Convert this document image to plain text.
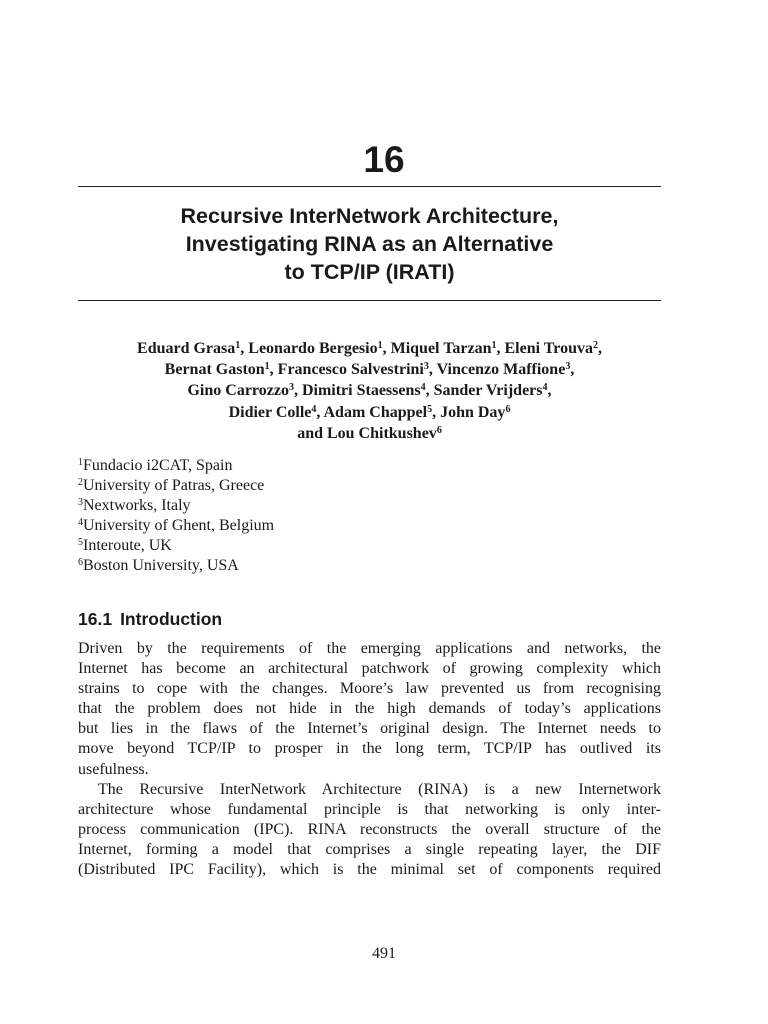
16
Recursive InterNetwork Architecture,
Investigating RINA as an Alternative
to TCP/IP (IRATI)
Eduard Grasa$^1$, Leonardo Bergesio$^1$, Miquel Tarzan$^1$, Eleni Trouva$^2$,
Bernat Gaston$^1$, Francesco Salvestrini$^3$, Vincenzo Maffione$^3$,
Gino Carrozzo$^3$, Dimitri Staessens$^4$, Sander Vrijders$^4$,
Didier Colle$^4$, Adam Chappel$^5$, John Day$^6$
and Lou Chitkushev$^6$
$^1$Fundacio i2CAT, Spain
$^2$University of Patras, Greece
$^3$Nextworks, Italy
$^4$University of Ghent, Belgium
$^5$Interoute, UK
$^6$Boston University, USA
16.1 Introduction
Driven by the requirements of the emerging applications and networks, the
Internet has become an architectural patchwork of growing complexity which
strains to cope with the changes. Moore’s law prevented us from recognising
that the problem does not hide in the high demands of today’s applications
but lies in the flaws of the Internet’s original design. The Internet needs to
move beyond TCP/IP to prosper in the long term, TCP/IP has outlived its
usefulness.
The Recursive InterNetwork Architecture (RINA) is a new Internetwork
architecture whose fundamental principle is that networking is only inter-
process communication (IPC). RINA reconstructs the overall structure of the
Internet, forming a model that comprises a single repeating layer, the DIF
(Distributed IPC Facility), which is the minimal set of components required
491
